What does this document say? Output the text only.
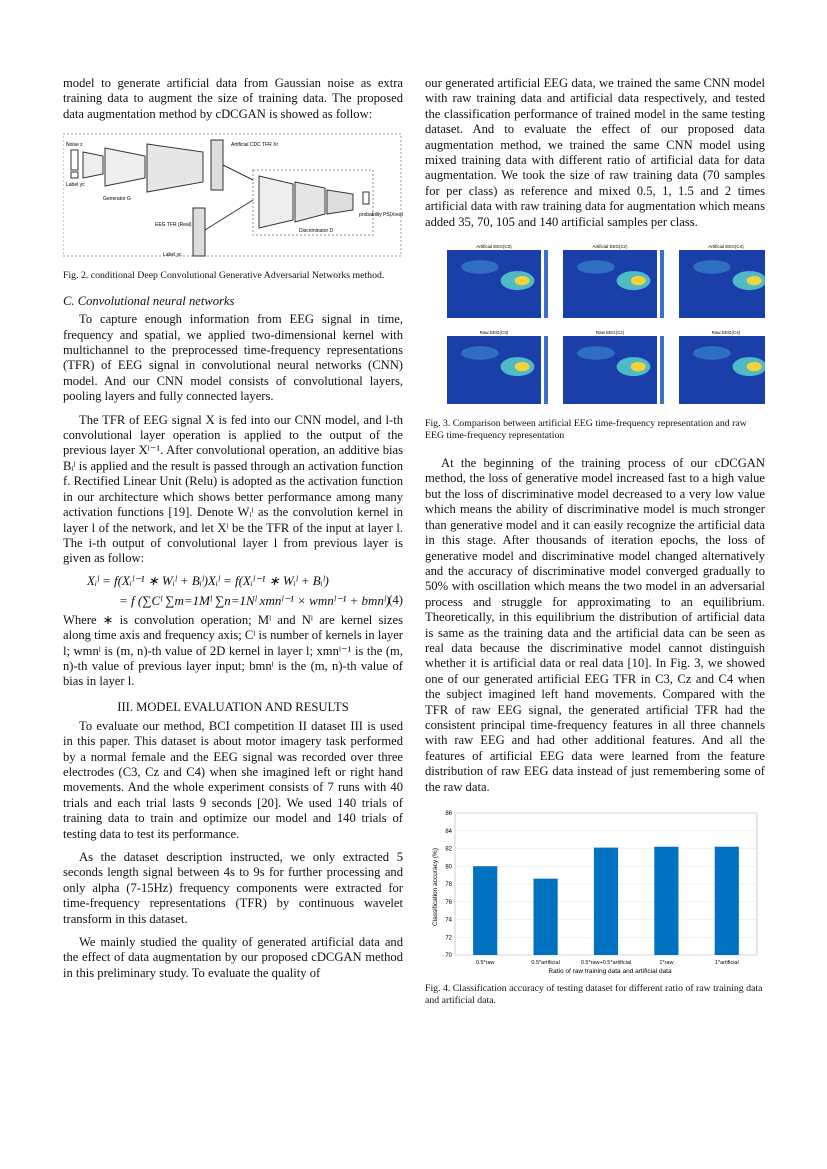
model to generate artificial data from Gaussian noise as extra training data to augment the size of training data. The proposed data augmentation method by cDCGAN is showed as follow:

Noise z
Label yc
Generator G
Artificial CDC TFR Xr
EEG TFR (Real)
Label yc
Discriminator D
probability PS|Xreal

Fig. 2. conditional Deep Convolutional Generative Adversarial Networks method.

C. Convolutional neural networks

To capture enough information from EEG signal in time, frequency and spatial, we applied two-dimensional kernel with multichannel to the preprocessed time-frequency representations (TFR) of EEG signal in convolutional neural networks (CNN) model. And our CNN model consists of convolutional layers, pooling layers and fully connected layers.

The TFR of EEG signal X is fed into our CNN model, and l-th convolutional layer operation is applied to the output of the previous layer Xˡ⁻¹. After convolutional operation, an additive bias Bᵢˡ is applied and the result is passed through an activation function f. Rectified Linear Unit (Relu) is adopted as the activation function in our architecture which shows better performance among many activation functions [19]. Denote Wᵢˡ as the convolution kernel in layer l of the network, and let Xˡ be the TFR of the input at layer l. The i-th output of convolutional layer l from previous layer is given as follow:

Xᵢˡ = f(Xᵢˡ⁻¹ ∗ Wᵢˡ + Bᵢˡ)Xᵢˡ = f(Xᵢˡ⁻¹ ∗ Wᵢˡ + Bᵢˡ)
= f (∑Cˡ ∑m=1Mˡ ∑n=1Nˡ xmnˡ⁻¹ × wmnˡ⁻¹ + bmnˡ)
(4)

Where ∗ is convolution operation; Mˡ and Nˡ are kernel sizes along time axis and frequency axis; Cˡ is number of kernels in layer l; wmnˡ is (m, n)-th value of 2D kernel in layer l; xmnˡ⁻¹ is the (m, n)-th value of previous layer input; bmnˡ is the (m, n)-th value of bias in layer l.

III. MODEL EVALUATION AND RESULTS

To evaluate our method, BCI competition II dataset III is used in this paper. This dataset is about motor imagery task performed by a normal female and the EEG signal was recorded over three electrodes (C3, Cz and C4) when she imagined left or right hand movements. And the whole experiment consists of 7 runs with 40 trials and each trial lasts 9 seconds [20]. We used 140 trials of training data to train and optimize our model and 140 trials of testing data to test its performance.

As the dataset description instructed, we only extracted 5 seconds length signal between 4s to 9s for further processing and only alpha (7-15Hz) frequency components were extracted for time-frequency representations (TFR) by continuous wavelet transform in this dataset.

We mainly studied the quality of generated artificial data and the effect of data augmentation by our proposed cDCGAN method in this preliminary study. To evaluate the quality of

our generated artificial EEG data, we trained the same CNN model with raw training data and artificial data respectively, and tested the classification performance of trained model in the same testing dataset. And to evaluate the effect of our proposed data augmentation method, we trained the same CNN model using mixed training data with different ratio of artificial data for data augmentation. We took the size of raw training data (70 samples for per class) as reference and mixed 0.5, 1, 1.5 and 2 times artificial data with raw training data for augmentation which means added 35, 70, 105 and 140 artificial samples per class.

Artificial EEG(C3)	Artificial EEG(Cz)	Artificial EEG(C4)
Raw EEG(C3)	Raw EEG(Cz)	Raw EEG(C4)

Fig. 3. Comparison between artificial EEG time-frequency representation and raw EEG time-frequency representation

At the beginning of the training process of our cDCGAN method, the loss of generative model increased fast to a high value but the loss of discriminative model decreased to a very low value which means the ability of discriminative model is much stronger than generative model and it can easily recognize the artificial data in this stage. After thousands of iteration epochs, the loss of generative model and discriminative model changed alternatively and the accuracy of discriminative model converged gradually to 50% with oscillation which means the two model in an adversarial process and struggle for approximating to an equilibrium. Theoretically, in this equilibrium the distribution of artificial data is same as the training data and the artificial data can be seen as real data because the discriminative model cannot distinguish whether it is artificial data or real data [10]. In Fig. 3, we showed one of our generated artificial EEG TFR in C3, Cz and C4 when the subject imagined left hand movements. Compared with the TFR of raw EEG signal, the generated artificial TFR had the consistent principal time-frequency features in all three channels with raw EEG and had other additional features. And all the features of artificial EEG data were learned from the feature distribution of raw EEG data instead of just remembering some of the raw data.

Classification accuracy (%)
Ratio of raw training data and artificial data
70
72
74
76
78
80
82
84
86
0.5*raw	0.5*artificial	0.5*raw+0.5*artificial	1*raw	1*artificial

Fig. 4. Classification accuracy of testing dataset for different ratio of raw training data and artificial data.
